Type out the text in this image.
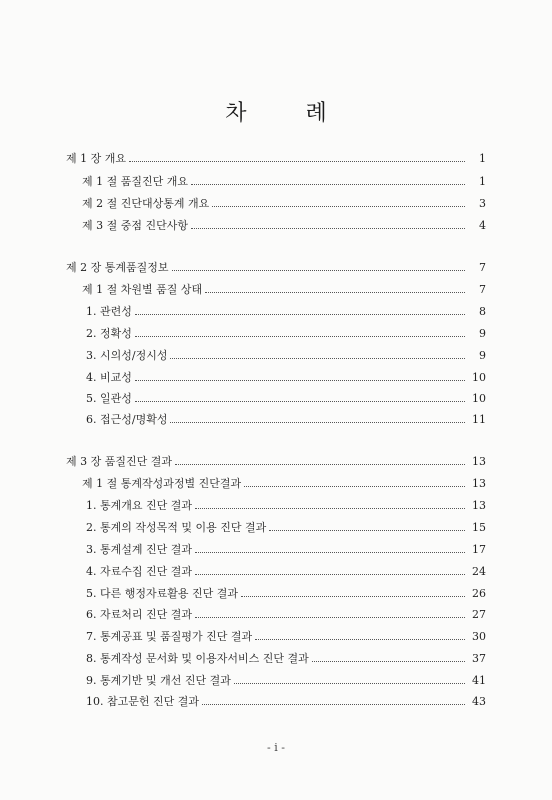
차 례
제 1 장 개요	1
제 1 절 품질진단 개요	1
제 2 절 진단대상통계 개요	3
제 3 절 중점 진단사항	4
제 2 장 통계품질정보	7
제 1 절 차원별 품질 상태	7
1. 관련성	8
2. 정확성	9
3. 시의성/정시성	9
4. 비교성	10
5. 일관성	10
6. 접근성/명확성	11
제 3 장 품질진단 결과	13
제 1 절 통계작성과정별 진단결과	13
1. 통계개요 진단 결과	13
2. 통계의 작성목적 및 이용 진단 결과	15
3. 통계설계 진단 결과	17
4. 자료수집 진단 결과	24
5. 다른 행정자료활용 진단 결과	26
6. 자료처리 진단 결과	27
7. 통계공표 및 품질평가 진단 결과	30
8. 통계작성 문서화 및 이용자서비스 진단 결과	37
9. 통계기반 및 개선 진단 결과	41
10. 참고문헌 진단 결과	43
- i -
